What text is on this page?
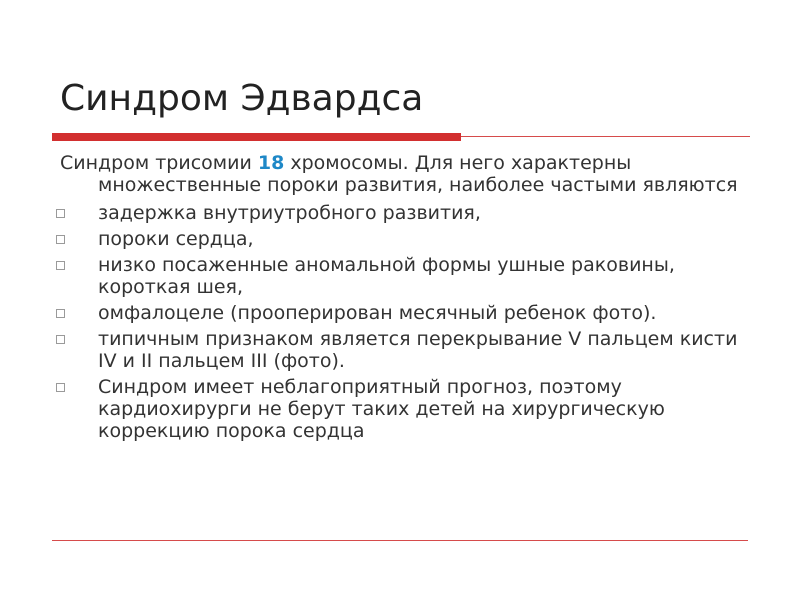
Синдром Эдвардса

Синдром трисомии 18 хромосомы. Для него характерны множественные пороки развития, наиболее частыми являются

задержка внутриутробного развития,
пороки сердца,
низко посаженные аномальной формы ушные раковины, короткая шея,
омфалоцеле (прооперирован месячный ребенок фото).
типичным признаком является перекрывание V пальцем кисти IV и II пальцем III (фото).
Синдром имеет неблагоприятный прогноз, поэтому кардиохирурги не берут таких детей на хирургическую коррекцию порока сердца
